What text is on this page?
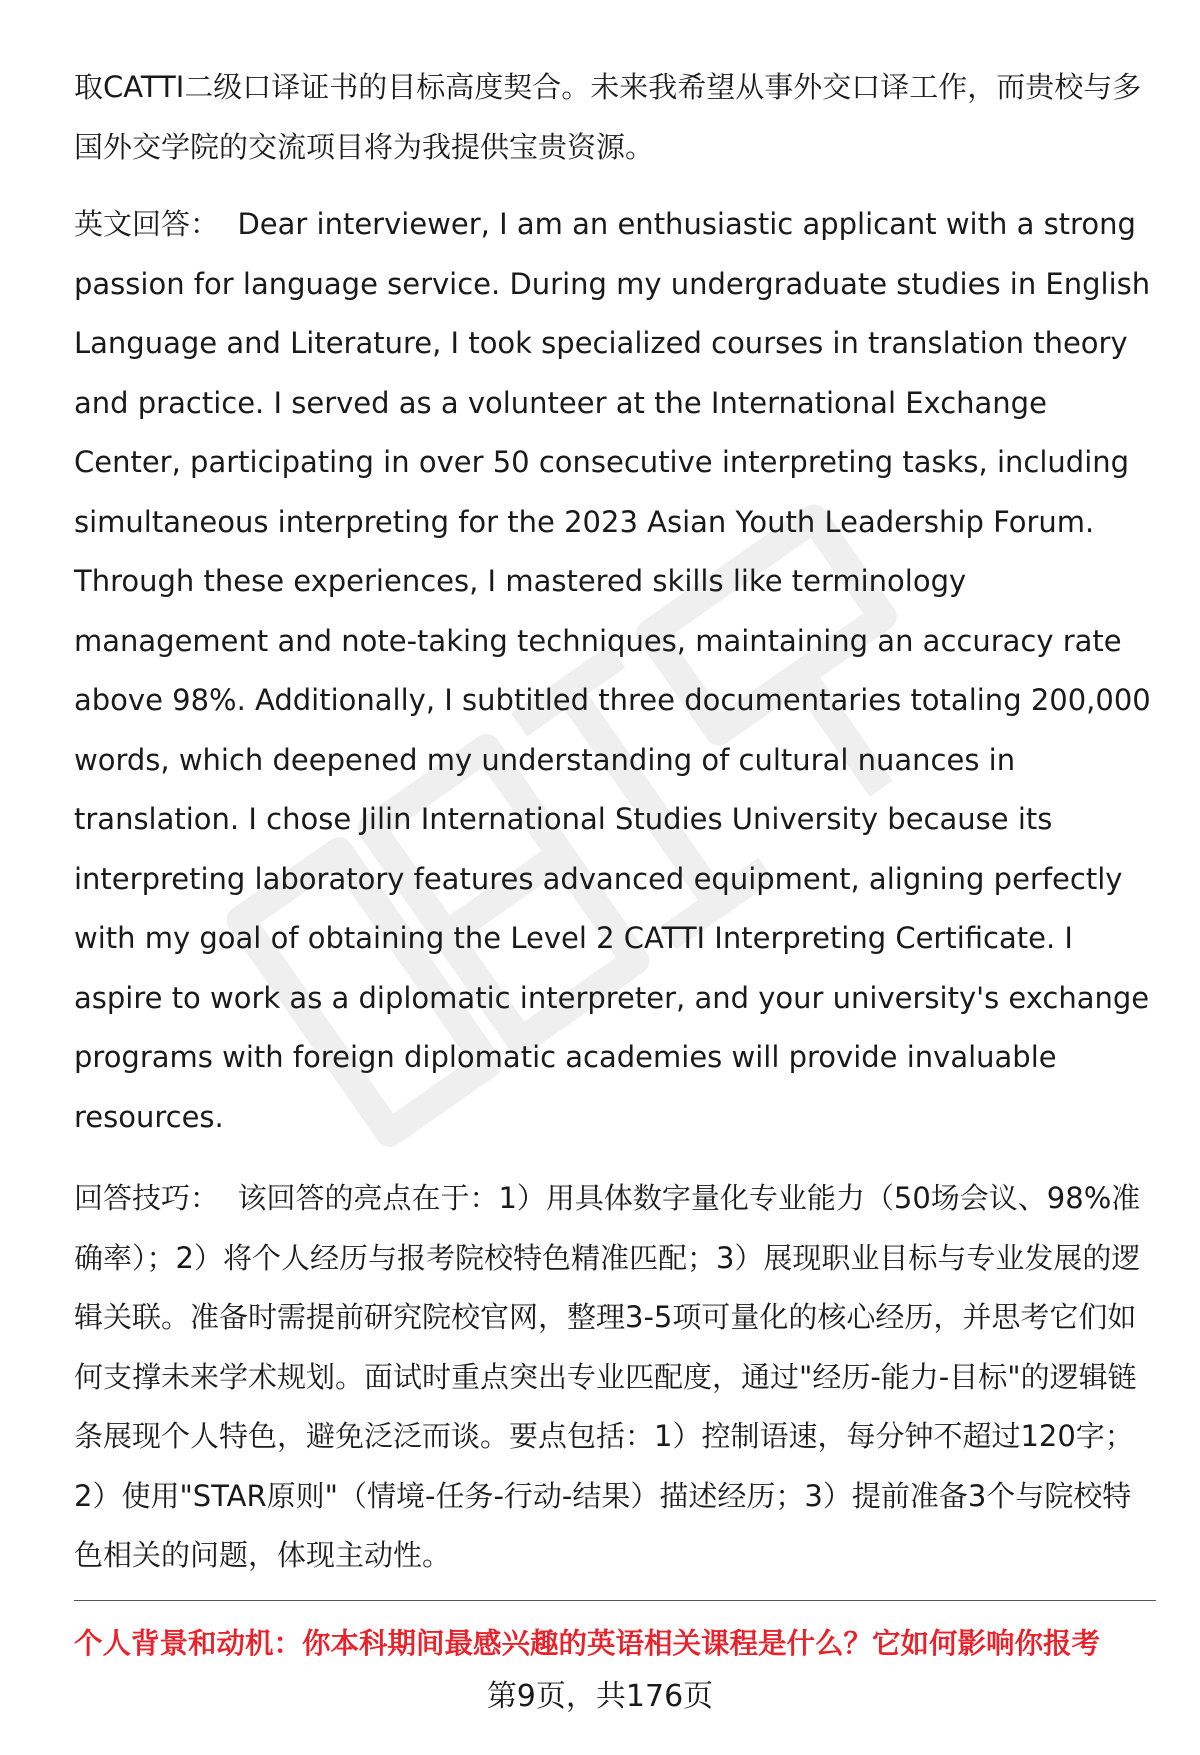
取CATTI二级口译证书的目标高度契合。未来我希望从事外交口译工作，而贵校与多国外交学院的交流项目将为我提供宝贵资源。

英文回答： Dear interviewer, I am an enthusiastic applicant with a strong passion for language service. During my undergraduate studies in English Language and Literature, I took specialized courses in translation theory and practice. I served as a volunteer at the International Exchange Center, participating in over 50 consecutive interpreting tasks, including simultaneous interpreting for the 2023 Asian Youth Leadership Forum. Through these experiences, I mastered skills like terminology management and note-taking techniques, maintaining an accuracy rate above 98%. Additionally, I subtitled three documentaries totaling 200,000 words, which deepened my understanding of cultural nuances in translation. I chose Jilin International Studies University because its interpreting laboratory features advanced equipment, aligning perfectly with my goal of obtaining the Level 2 CATTI Interpreting Certificate. I aspire to work as a diplomatic interpreter, and your university's exchange programs with foreign diplomatic academies will provide invaluable resources.

回答技巧： 该回答的亮点在于：1）用具体数字量化专业能力（50场会议、98%准确率）；2）将个人经历与报考院校特色精准匹配；3）展现职业目标与专业发展的逻辑关联。准备时需提前研究院校官网，整理3-5项可量化的核心经历，并思考它们如何支撑未来学术规划。面试时重点突出专业匹配度，通过"经历-能力-目标"的逻辑链条展现个人特色，避免泛泛而谈。要点包括：1）控制语速，每分钟不超过120字；2）使用"STAR原则"（情境-任务-行动-结果）描述经历；3）提前准备3个与院校特色相关的问题，体现主动性。

个人背景和动机：你本科期间最感兴趣的英语相关课程是什么？它如何影响你报考
第9页，共176页
